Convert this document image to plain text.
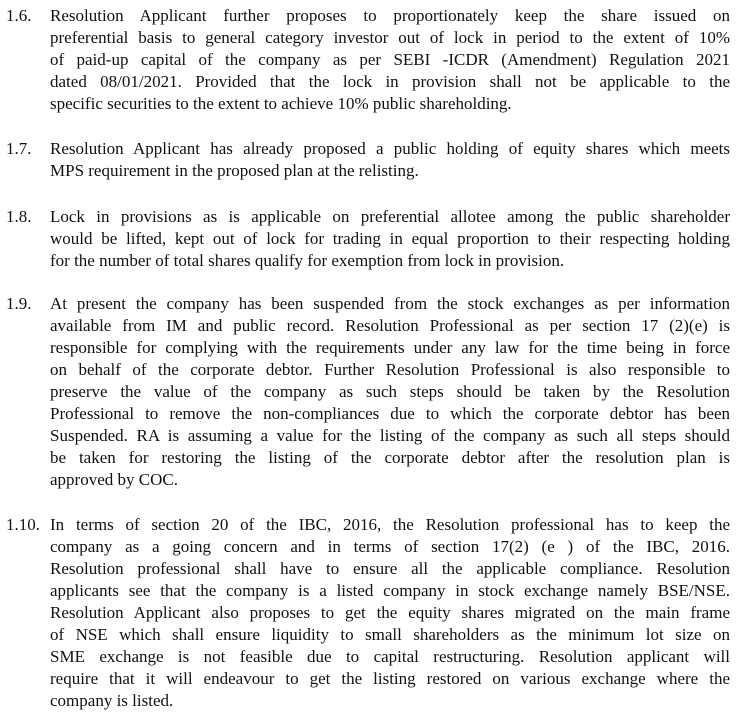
1.6. Resolution Applicant further proposes to proportionately keep the share issued on
preferential basis to general category investor out of lock in period to the extent of 10%
of paid-up capital of the company as per SEBI -ICDR (Amendment) Regulation 2021
dated 08/01/2021. Provided that the lock in provision shall not be applicable to the
specific securities to the extent to achieve 10% public shareholding.
1.7. Resolution Applicant has already proposed a public holding of equity shares which meets
MPS requirement in the proposed plan at the relisting.
1.8. Lock in provisions as is applicable on preferential allotee among the public shareholder
would be lifted, kept out of lock for trading in equal proportion to their respecting holding
for the number of total shares qualify for exemption from lock in provision.
1.9. At present the company has been suspended from the stock exchanges as per information
available from IM and public record. Resolution Professional as per section 17 (2)(e) is
responsible for complying with the requirements under any law for the time being in force
on behalf of the corporate debtor. Further Resolution Professional is also responsible to
preserve the value of the company as such steps should be taken by the Resolution
Professional to remove the non-compliances due to which the corporate debtor has been
Suspended. RA is assuming a value for the listing of the company as such all steps should
be taken for restoring the listing of the corporate debtor after the resolution plan is
approved by COC.
1.10. In terms of section 20 of the IBC, 2016, the Resolution professional has to keep the
company as a going concern and in terms of section 17(2) (e ) of the IBC, 2016.
Resolution professional shall have to ensure all the applicable compliance. Resolution
applicants see that the company is a listed company in stock exchange namely BSE/NSE.
Resolution Applicant also proposes to get the equity shares migrated on the main frame
of NSE which shall ensure liquidity to small shareholders as the minimum lot size on
SME exchange is not feasible due to capital restructuring. Resolution applicant will
require that it will endeavour to get the listing restored on various exchange where the
company is listed.
